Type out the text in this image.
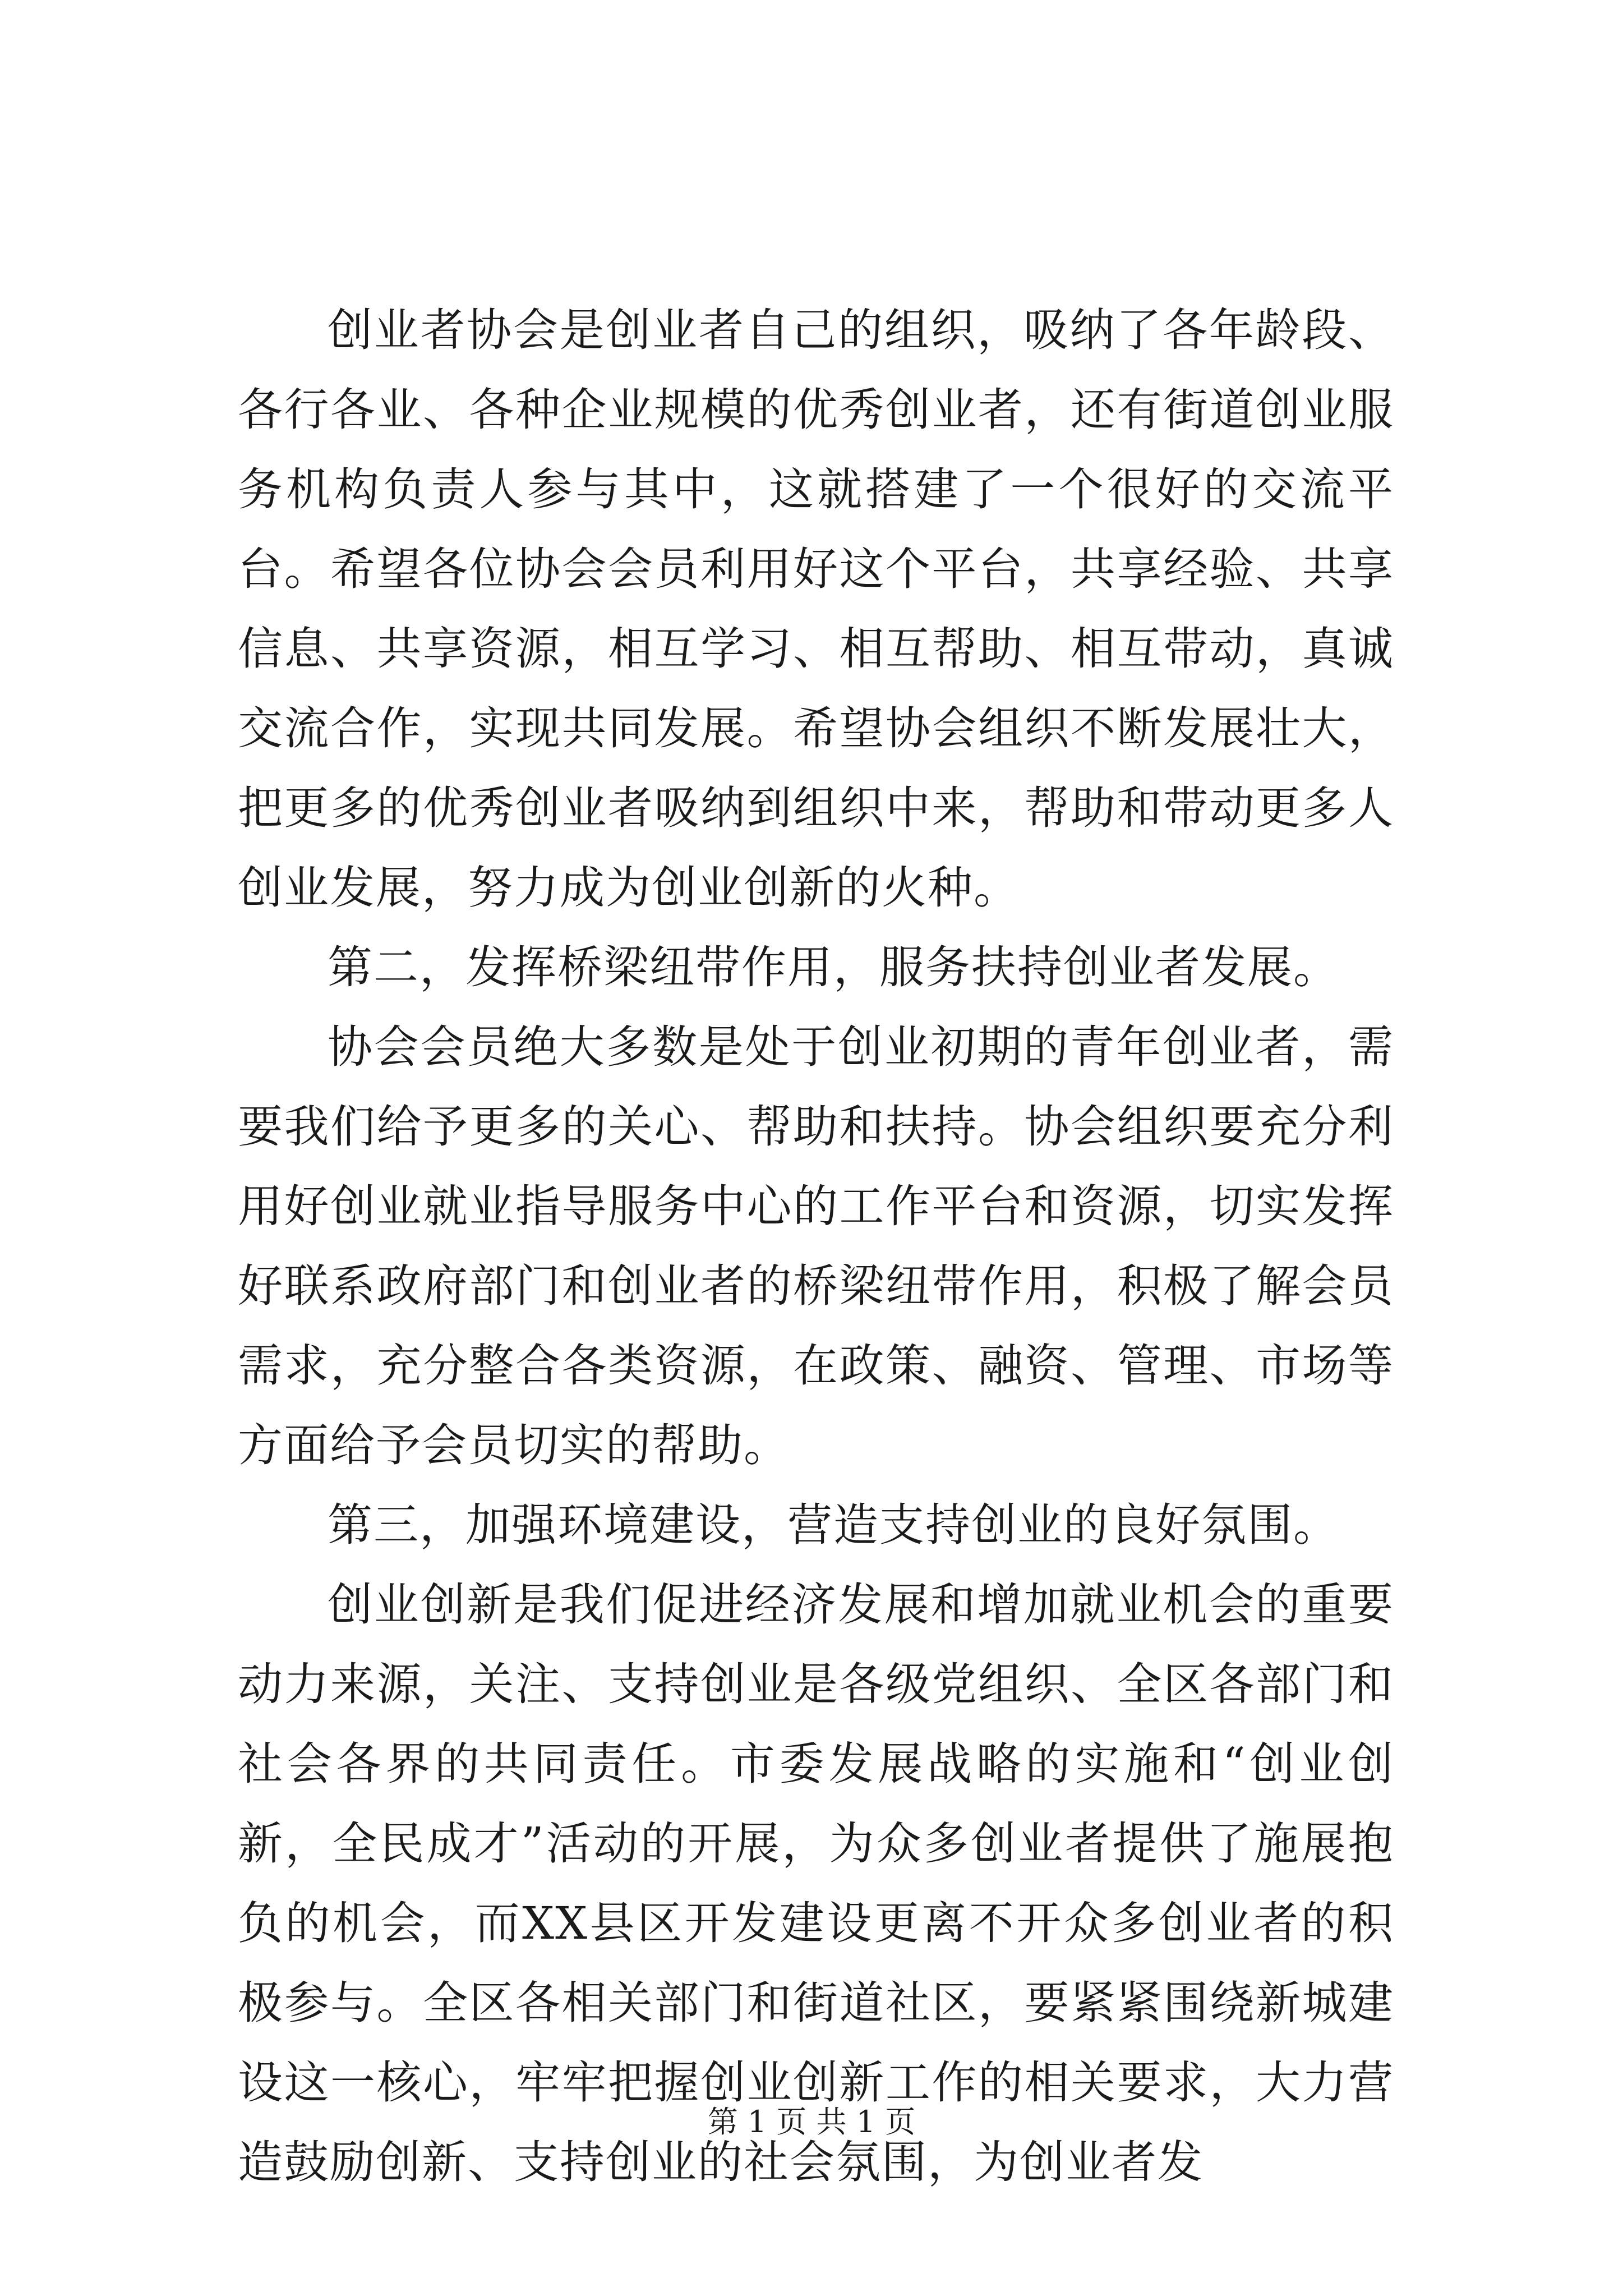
创业者协会是创业者自己的组织，吸纳了各年龄段、各行各业、各种企业规模的优秀创业者，还有街道创业服务机构负责人参与其中，这就搭建了一个很好的交流平台。希望各位协会会员利用好这个平台，共享经验、共享信息、共享资源，相互学习、相互帮助、相互带动，真诚交流合作，实现共同发展。希望协会组织不断发展壮大，把更多的优秀创业者吸纳到组织中来，帮助和带动更多人创业发展，努力成为创业创新的火种。

第二，发挥桥梁纽带作用，服务扶持创业者发展。

协会会员绝大多数是处于创业初期的青年创业者，需要我们给予更多的关心、帮助和扶持。协会组织要充分利用好创业就业指导服务中心的工作平台和资源，切实发挥好联系政府部门和创业者的桥梁纽带作用，积极了解会员需求，充分整合各类资源，在政策、融资、管理、市场等方面给予会员切实的帮助。

第三，加强环境建设，营造支持创业的良好氛围。

创业创新是我们促进经济发展和增加就业机会的重要动力来源，关注、支持创业是各级党组织、全区各部门和社会各界的共同责任。市委发展战略的实施和“创业创新，全民成才”活动的开展，为众多创业者提供了施展抱负的机会，而XX县区开发建设更离不开众多创业者的积极参与。全区各相关部门和街道社区，要紧紧围绕新城建设这一核心，牢牢把握创业创新工作的相关要求，大力营造鼓励创新、支持创业的社会氛围，为创业者发

第 1 页 共 1 页
